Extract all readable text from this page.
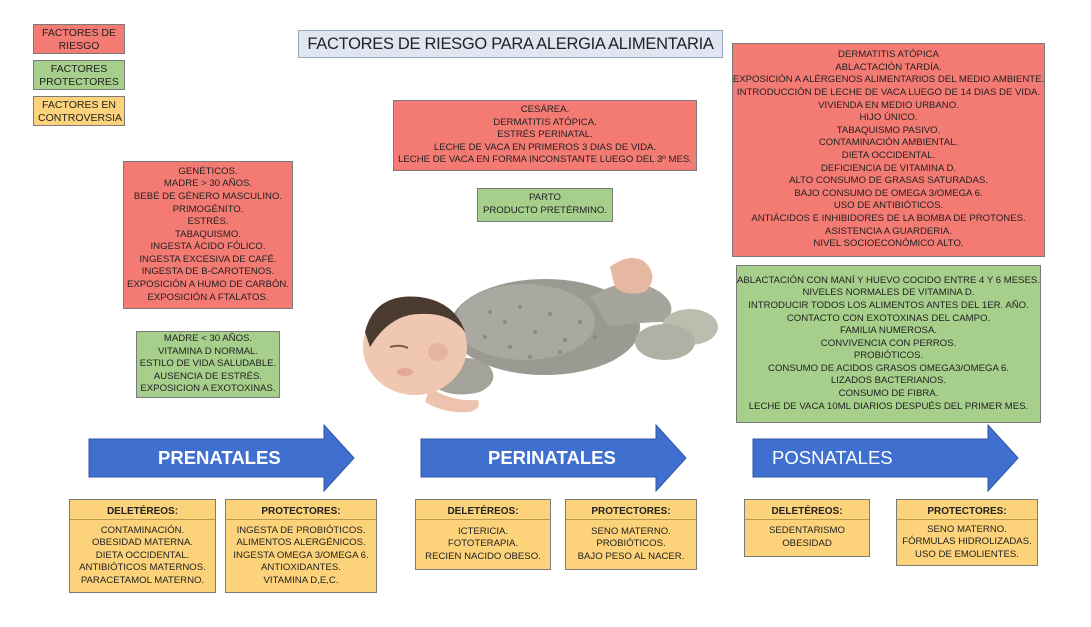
FACTORES DE RIESGO
FACTORES PROTECTORES
FACTORES EN CONTROVERSIA
FACTORES DE RIESGO PARA ALERGIA ALIMENTARIA
GENÉTICOS.
MADRE > 30 AÑOS.
BEBÉ DE GÉNERO MASCULINO.
PRIMOGÉNITO.
ESTRÉS.
TABAQUISMO.
INGESTA ÁCIDO FÓLICO.
INGESTA EXCESIVA DE CAFÉ.
INGESTA DE B-CAROTENOS.
EXPOSICIÓN A HUMO DE CARBÓN.
EXPOSICIÓN A FTALATOS.
MADRE < 30 AÑOS.
VITAMINA D NORMAL.
ESTILO DE VIDA SALUDABLE.
AUSENCIA DE ESTRÉS.
EXPOSICION A EXOTOXINAS.
CESÁREA.
DERMATITIS ATÓPICA.
ESTRÉS PERINATAL.
LECHE DE VACA EN PRIMEROS 3 DIAS DE VIDA.
LECHE DE VACA EN FORMA INCONSTANTE LUEGO DEL 3º MES.
PARTO
PRODUCTO PRETÉRMINO.
DERMATITIS ATÓPICA
ABLACTACIÓN TARDÍA.
EXPOSICIÓN A ALÉRGENOS ALIMENTARIOS DEL MEDIO AMBIENTE.
INTRODUCCIÓN DE LECHE DE VACA LUEGO DE 14 DIAS DE VIDA.
VIVIENDA EN MEDIO URBANO.
HIJO ÚNICO.
TABAQUISMO PASIVO.
CONTAMINACIÓN AMBIENTAL.
DIETA OCCIDENTAL.
DEFICIENCIA DE VITAMINA D.
ALTO CONSUMO DE GRASAS SATURADAS.
BAJO CONSUMO DE OMEGA 3/OMEGA 6.
USO DE ANTIBIÓTICOS.
ANTIÁCIDOS E INHIBIDORES DE LA BOMBA DE PROTONES.
ASISTENCIA A GUARDERIA.
NIVEL SOCIOECONÓMICO ALTO.
ABLACTACIÓN CON MANÍ Y HUEVO COCIDO ENTRE 4 Y 6 MESES.
NIVELES NORMALES DE VITAMINA D.
INTRODUCIR TODOS LOS ALIMENTOS ANTES DEL 1ER. AÑO.
CONTACTO CON EXOTOXINAS DEL CAMPO.
FAMILIA NUMEROSA.
CONVIVENCIA CON PERROS.
PROBIÓTICOS.
CONSUMO DE ACIDOS GRASOS OMEGA3/OMEGA 6.
LIZADOS BACTERIANOS.
CONSUMO DE FIBRA.
LECHE DE VACA 10ML DIARIOS DESPUÉS DEL PRIMER MES.
PRENATALES	PERINATALES	POSNATALES
DELETÉREOS:
CONTAMINACIÓN.
OBESIDAD MATERNA.
DIETA OCCIDENTAL.
ANTIBIÓTICOS MATERNOS.
PARACETAMOL MATERNO.
PROTECTORES:
INGESTA DE PROBIÓTICOS.
ALIMENTOS ALERGÉNICOS.
INGESTA OMEGA 3/OMEGA 6.
ANTIOXIDANTES.
VITAMINA D,E,C.
DELETÉREOS:
ICTERICIA.
FOTOTERAPIA.
RECIEN NACIDO OBESO.
PROTECTORES:
SENO MATERNO.
PROBIÓTICOS.
BAJO PESO AL NACER.
DELETÉREOS:
SEDENTARISMO
OBESIDAD
PROTECTORES:
SENO MATERNO.
FÓRMULAS HIDROLIZADAS.
USO DE EMOLIENTES.
